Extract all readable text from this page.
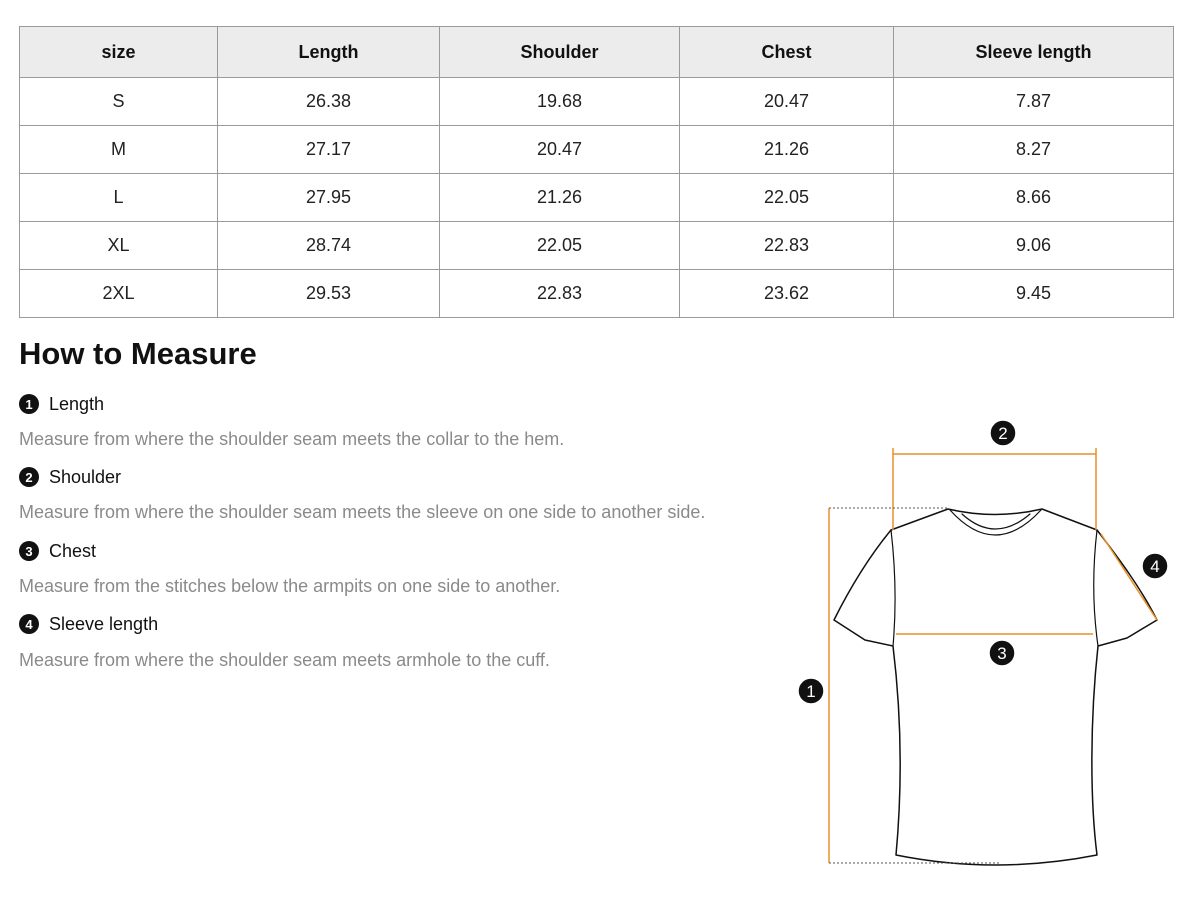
size	Length	Shoulder	Chest	Sleeve length
S	26.38	19.68	20.47	7.87
M	27.17	20.47	21.26	8.27
L	27.95	21.26	22.05	8.66
XL	28.74	22.05	22.83	9.06
2XL	29.53	22.83	23.62	9.45
How to Measure
1 Length

Measure from where the shoulder seam meets the collar to the hem.

2 Shoulder

Measure from where the shoulder seam meets the sleeve on one side to another side.

3 Chest

Measure from the stitches below the armpits on one side to another.

4 Sleeve length

Measure from where the shoulder seam meets armhole to the cuff.

1
2
3
4
